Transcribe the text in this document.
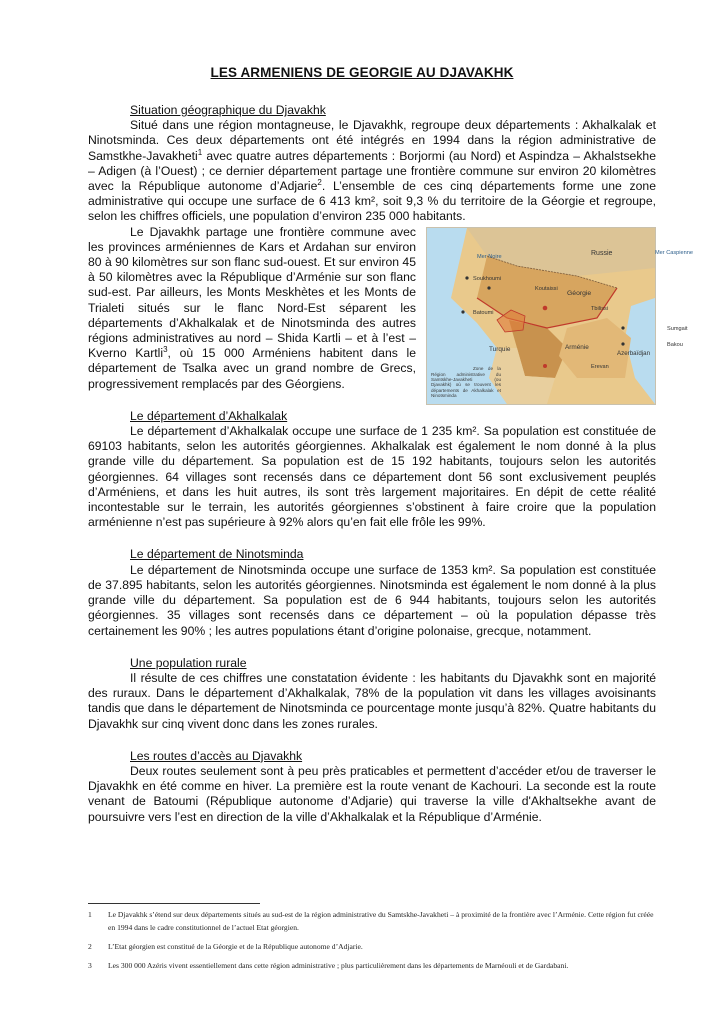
LES ARMENIENS DE GEORGIE AU DJAVAKHK
Situation géographique du Djavakhk

Situé dans une région montagneuse, le Djavakhk, regroupe deux départements : Akhalkalak et Ninotsminda. Ces deux départements ont été intégrés en 1994 dans la région administrative de Samstkhe-Javakheti$^1$ avec quatre autres départements : Borjormi (au Nord) et Aspindza – Akhalstsekhe – Adigen (à l’Ouest) ; ce dernier département partage une frontière commune sur environ 20 kilomètres avec la République autonome d’Adjarie$^2$. L’ensemble de ces cinq départements forme une zone administrative qui occupe une surface de 6 413 km², soit 9,3 % du territoire de la Géorgie et regroupe, selon les chiffres officiels, une population d’environ 235 000 habitants.

Russie
Mer Noire
Mer Caspienne
Géorgie
Turquie	Arménie
Azerbaïdjan
Sumgait
Bakou
Tbilissi
Batoumi
Soukhoumi
Koutaissi
Erevan
Zone de la Région administrative du Samtskhe-Javakheti (ou Djavakhk) où se trouvent les départements de Akhalkalak et Ninotsminda
Le Djavakhk partage une frontière commune avec les provinces arméniennes de Kars et Ardahan sur environ 80 à 90 kilomètres sur son flanc sud-ouest. Et sur environ 45 à 50 kilomètres avec la République d’Arménie sur son flanc sud-est. Par ailleurs, les Monts Meskhètes et les Monts de Trialeti situés sur le flanc Nord-Est séparent les départements d’Akhalkalak et de Ninotsminda des autres régions administratives au nord – Shida Kartli – et à l’est – Kverno Kartli$^3$, où 15 000 Arméniens habitent dans le département de Tsalka avec un grand nombre de Grecs, progressivement remplacés par des Géorgiens.

Le département d’Akhalkalak

Le département d’Akhalkalak occupe une surface de 1 235 km². Sa population est constituée de 69103 habitants, selon les autorités géorgiennes. Akhalkalak est également le nom donné à la plus grande ville du département. Sa population est de 15 192 habitants, toujours selon les autorités géorgiennes. 64 villages sont recensés dans ce département dont 56 sont exclusivement peuplés d’Arméniens, et dans les huit autres, ils sont très largement majoritaires. En dépit de cette réalité incontestable sur le terrain, les autorités géorgiennes s’obstinent à faire croire que la population arménienne n’est pas supérieure à 92% alors qu’en fait elle frôle les 99%.

Le département de Ninotsminda

Le département de Ninotsminda occupe une surface de 1353 km². Sa population est constituée de 37.895 habitants, selon les autorités géorgiennes. Ninotsminda est également le nom donné à la plus grande ville du département. Sa population est de 6 944 habitants, toujours selon les autorités géorgiennes. 35 villages sont recensés dans ce département – où la population dépasse très certainement les 90% ; les autres populations étant d’origine polonaise, grecque, notamment.

Une population rurale

Il résulte de ces chiffres une constatation évidente : les habitants du Djavakhk sont en majorité des ruraux. Dans le département d’Akhalkalak, 78% de la population vit dans les villages avoisinants tandis que dans le département de Ninotsminda ce pourcentage monte jusqu’à 82%. Quatre habitants du Djavakhk sur cinq vivent donc dans les zones rurales.

Les routes d’accès au Djavakhk

Deux routes seulement sont à peu près praticables et permettent d’accéder et/ou de traverser le Djavakhk en été comme en hiver. La première est la route venant de Kachouri. La seconde est la route venant de Batoumi (République autonome d’Adjarie) qui traverse la ville d'Akhaltsekhe avant de poursuivre vers l’est en direction de la ville d’Akhalkalak et la République d’Arménie.

1 Le Djavakhk s’étend sur deux départements situés au sud-est de la région administrative du Samtskhe-Javakheti – à proximité de la frontière avec l’Arménie. Cette région fut créée en 1994 dans le cadre constitutionnel de l’actuel Etat géorgien.
2 L’Etat géorgien est constitué de la Géorgie et de la République autonome d’Adjarie.
3 Les 300 000 Azéris vivent essentiellement dans cette région administrative ; plus particulièrement dans les départements de Marnéouli et de Gardabani.
